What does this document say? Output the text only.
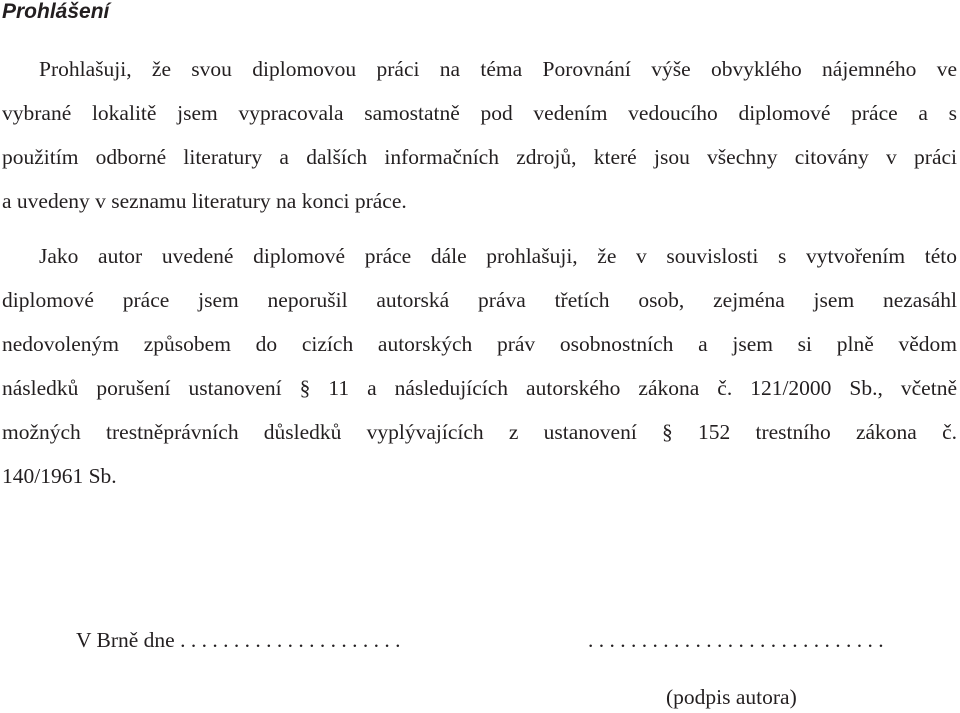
Prohlášení
Prohlašuji, že svou diplomovou práci na téma Porovnání výše obvyklého nájemného ve
vybrané lokalitě jsem vypracovala samostatně pod vedením vedoucího diplomové práce a s
použitím odborné literatury a dalších informačních zdrojů, které jsou všechny citovány v práci
a uvedeny v seznamu literatury na konci práce.
Jako autor uvedené diplomové práce dále prohlašuji, že v souvislosti s vytvořením této
diplomové práce jsem neporušil autorská práva třetích osob, zejména jsem nezasáhl
nedovoleným způsobem do cizích autorských práv osobnostních a jsem si plně vědom
následků porušení ustanovení § 11 a následujících autorského zákona č. 121/2000 Sb., včetně
možných trestněprávních důsledků vyplývajících z ustanovení § 152 trestního zákona č.
140/1961 Sb.
V Brně dne . . . . . . . . . . . . . . . . . . . . .	. . . . . . . . . . . . . . . . . . . . . . . . . . . .
(podpis autora)
